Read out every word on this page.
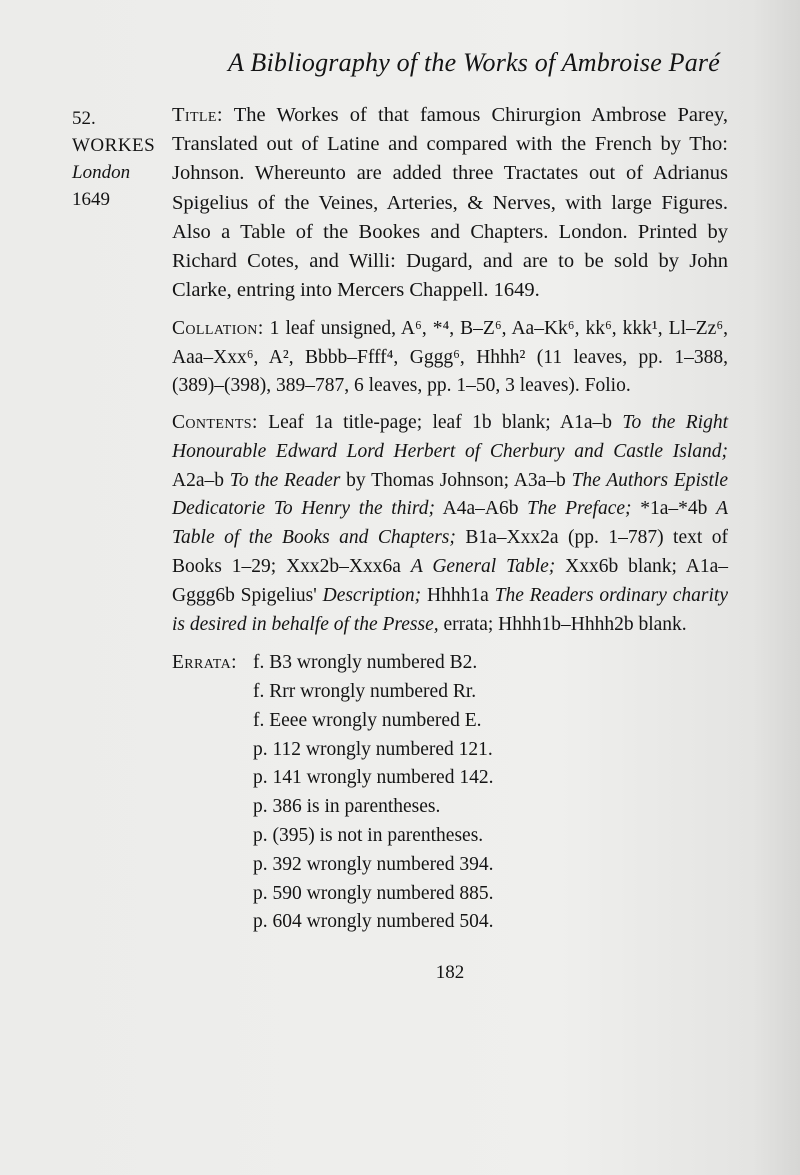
A Bibliography of the Works of Ambroise Paré
52.
WORKES
London
1649

Title: The Workes of that famous Chirurgion Ambrose Parey, Translated out of Latine and compared with the French by Tho: Johnson. Whereunto are added three Tractates out of Adrianus Spigelius of the Veines, Arteries, & Nerves, with large Figures. Also a Table of the Bookes and Chapters. London. Printed by Richard Cotes, and Willi: Dugard, and are to be sold by John Clarke, entring into Mercers Chappell. 1649.

Collation: 1 leaf unsigned, A⁶, *⁴, B–Z⁶, Aa–Kk⁶, kk⁶, kkk¹, Ll–Zz⁶, Aaa–Xxx⁶, A², Bbbb–Ffff⁴, Gggg⁶, Hhhh² (11 leaves, pp. 1–388, (389)–(398), 389–787, 6 leaves, pp. 1–50, 3 leaves). Folio.

Contents: Leaf 1a title-page; leaf 1b blank; A1a–b To the Right Honourable Edward Lord Herbert of Cherbury and Castle Island; A2a–b To the Reader by Thomas Johnson; A3a–b The Authors Epistle Dedicatorie To Henry the third; A4a–A6b The Preface; *1a–*4b A Table of the Books and Chapters; B1a–Xxx2a (pp. 1–787) text of Books 1–29; Xxx2b–Xxx6a A General Table; Xxx6b blank; A1a–Gggg6b Spigelius' Description; Hhhh1a The Readers ordinary charity is desired in behalfe of the Presse, errata; Hhhh1b–Hhhh2b blank.

Errata: f. B3 wrongly numbered B2.
f. Rrr wrongly numbered Rr.
f. Eeee wrongly numbered E.
p. 112 wrongly numbered 121.
p. 141 wrongly numbered 142.
p. 386 is in parentheses.
p. (395) is not in parentheses.
p. 392 wrongly numbered 394.
p. 590 wrongly numbered 885.
p. 604 wrongly numbered 504.
182
